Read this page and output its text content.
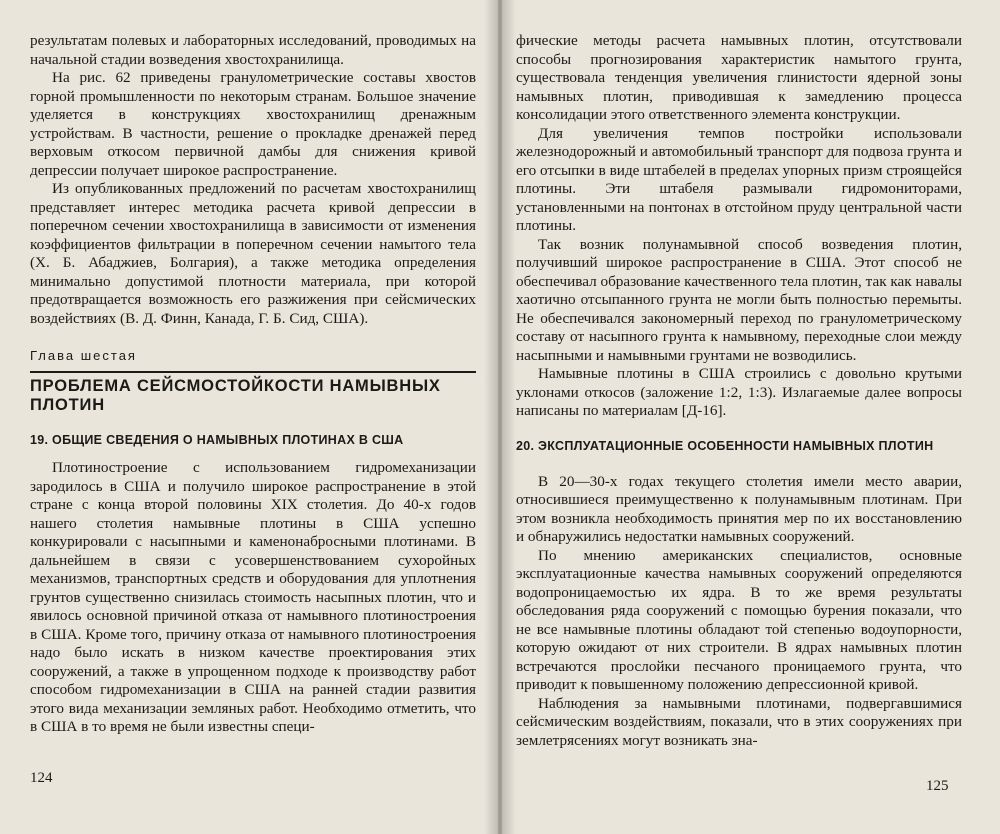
результатам полевых и лабораторных исследований, проводимых на начальной стадии возведения хвостохранилища.

На рис. 62 приведены гранулометрические составы хвостов горной промышленности по некоторым странам. Большое значение уделяется в конструкциях хвостохранилищ дренажным устройствам. В частности, решение о прокладке дренажей перед верховым откосом первичной дамбы для снижения кривой депрессии получает широкое распространение.

Из опубликованных предложений по расчетам хвостохранилищ представляет интерес методика расчета кривой депрессии в поперечном сечении хвостохранилища в зависимости от изменения коэффициентов фильтрации в поперечном сечении намытого тела (Х. Б. Абаджиев, Болгария), а также методика определения минимально допустимой плотности материала, при которой предотвращается возможность его разжижения при сейсмических воздействиях (В. Д. Финн, Канада, Г. Б. Сид, США).

Глава шестая
ПРОБЛЕМА СЕЙСМОСТОЙКОСТИ НАМЫВНЫХ ПЛОТИН
19. ОБЩИЕ СВЕДЕНИЯ О НАМЫВНЫХ ПЛОТИНАХ В США

Плотиностроение с использованием гидромеханизации зародилось в США и получило широкое распространение в этой стране с конца второй половины XIX столетия. До 40-х годов нашего столетия намывные плотины в США успешно конкурировали с насыпными и каменонабросными плотинами. В дальнейшем в связи с усовершенствованием сухоройных механизмов, транспортных средств и оборудования для уплотнения грунтов существенно снизилась стоимость насыпных плотин, что и явилось основной причиной отказа от намывного плотиностроения в США. Кроме того, причину отказа от намывного плотиностроения надо было искать в низком качестве проектирования этих сооружений, а также в упрощенном подходе к производству работ способом гидромеханизации в США на ранней стадии развития этого вида механизации земляных работ. Необходимо отметить, что в США в то время не были известны специ-

124

фические методы расчета намывных плотин, отсутствовали способы прогнозирования характеристик намытого грунта, существовала тенденция увеличения глинистости ядерной зоны намывных плотин, приводившая к замедлению процесса консолидации этого ответственного элемента конструкции.

Для увеличения темпов постройки использовали железнодорожный и автомобильный транспорт для подвоза грунта и его отсыпки в виде штабелей в пределах упорных призм строящейся плотины. Эти штабеля размывали гидромониторами, установленными на понтонах в отстойном пруду центральной части плотины.

Так возник полунамывной способ возведения плотин, получивший широкое распространение в США. Этот способ не обеспечивал образование качественного тела плотин, так как навалы хаотично отсыпанного грунта не могли быть полностью перемыты. Не обеспечивался закономерный переход по гранулометрическому составу от насыпного грунта к намывному, переходные слои между насыпными и намывными грунтами не возводились.

Намывные плотины в США строились с довольно крутыми уклонами откосов (заложение 1:2, 1:3). Излагаемые далее вопросы написаны по материалам [Д-16].

20. ЭКСПЛУАТАЦИОННЫЕ ОСОБЕННОСТИ НАМЫВНЫХ ПЛОТИН

В 20—30-х годах текущего столетия имели место аварии, относившиеся преимущественно к полунамывным плотинам. При этом возникла необходимость принятия мер по их восстановлению и обнаружились недостатки намывных сооружений.

По мнению американских специалистов, основные эксплуатационные качества намывных сооружений определяются водопроницаемостью их ядра. В то же время результаты обследования ряда сооружений с помощью бурения показали, что не все намывные плотины обладают той степенью водоупорности, которую ожидают от них строители. В ядрах намывных плотин встречаются прослойки песчаного проницаемого грунта, что приводит к повышенному положению депрессионной кривой.

Наблюдения за намывными плотинами, подвергавшимися сейсмическим воздействиям, показали, что в этих сооружениях при землетрясениях могут возникать зна-

125
